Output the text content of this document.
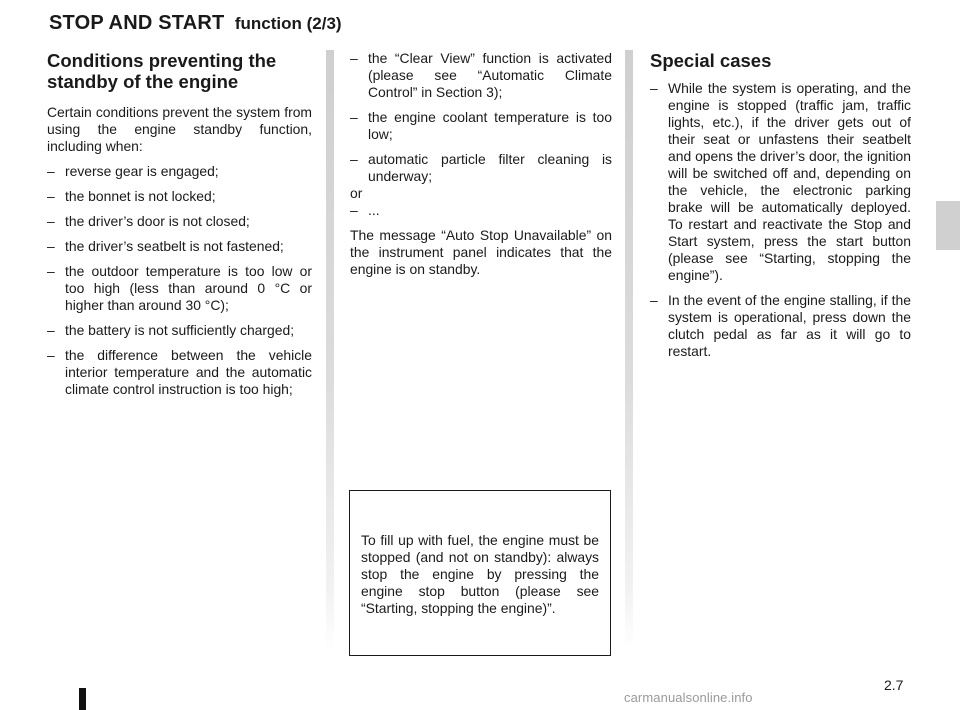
STOP AND START function (2/3)
Conditions preventing the standby of the engine

Certain conditions prevent the system from using the engine standby function, including when:

– reverse gear is engaged;
– the bonnet is not locked;
– the driver’s door is not closed;
– the driver’s seatbelt is not fastened;
– the outdoor temperature is too low or too high (less than around 0 °C or higher than around 30 °C);
– the battery is not sufficiently charged;
– the difference between the vehicle interior temperature and the automatic climate control instruction is too high;
– the “Clear View” function is activated (please see “Automatic Climate Control” in Section 3);
– the engine coolant temperature is too low;
– automatic particle filter cleaning is underway;
or
– ...

The message “Auto Stop Unavailable” on the instrument panel indicates that the engine is on standby.

Special cases
– While the system is operating, and the engine is stopped (traffic jam, traffic lights, etc.), if the driver gets out of their seat or unfastens their seatbelt and opens the driver’s door, the ignition will be switched off and, depending on the vehicle, the electronic parking brake will be automatically deployed. To restart and reactivate the Stop and Start system, press the start button (please see “Starting, stopping the engine”).
– In the event of the engine stalling, if the system is operational, press down the clutch pedal as far as it will go to restart.
To fill up with fuel, the engine must be stopped (and not on standby): always stop the engine by pressing the engine stop button (please see “Starting, stopping the engine)”.
2.7
carmanualsonline.info
